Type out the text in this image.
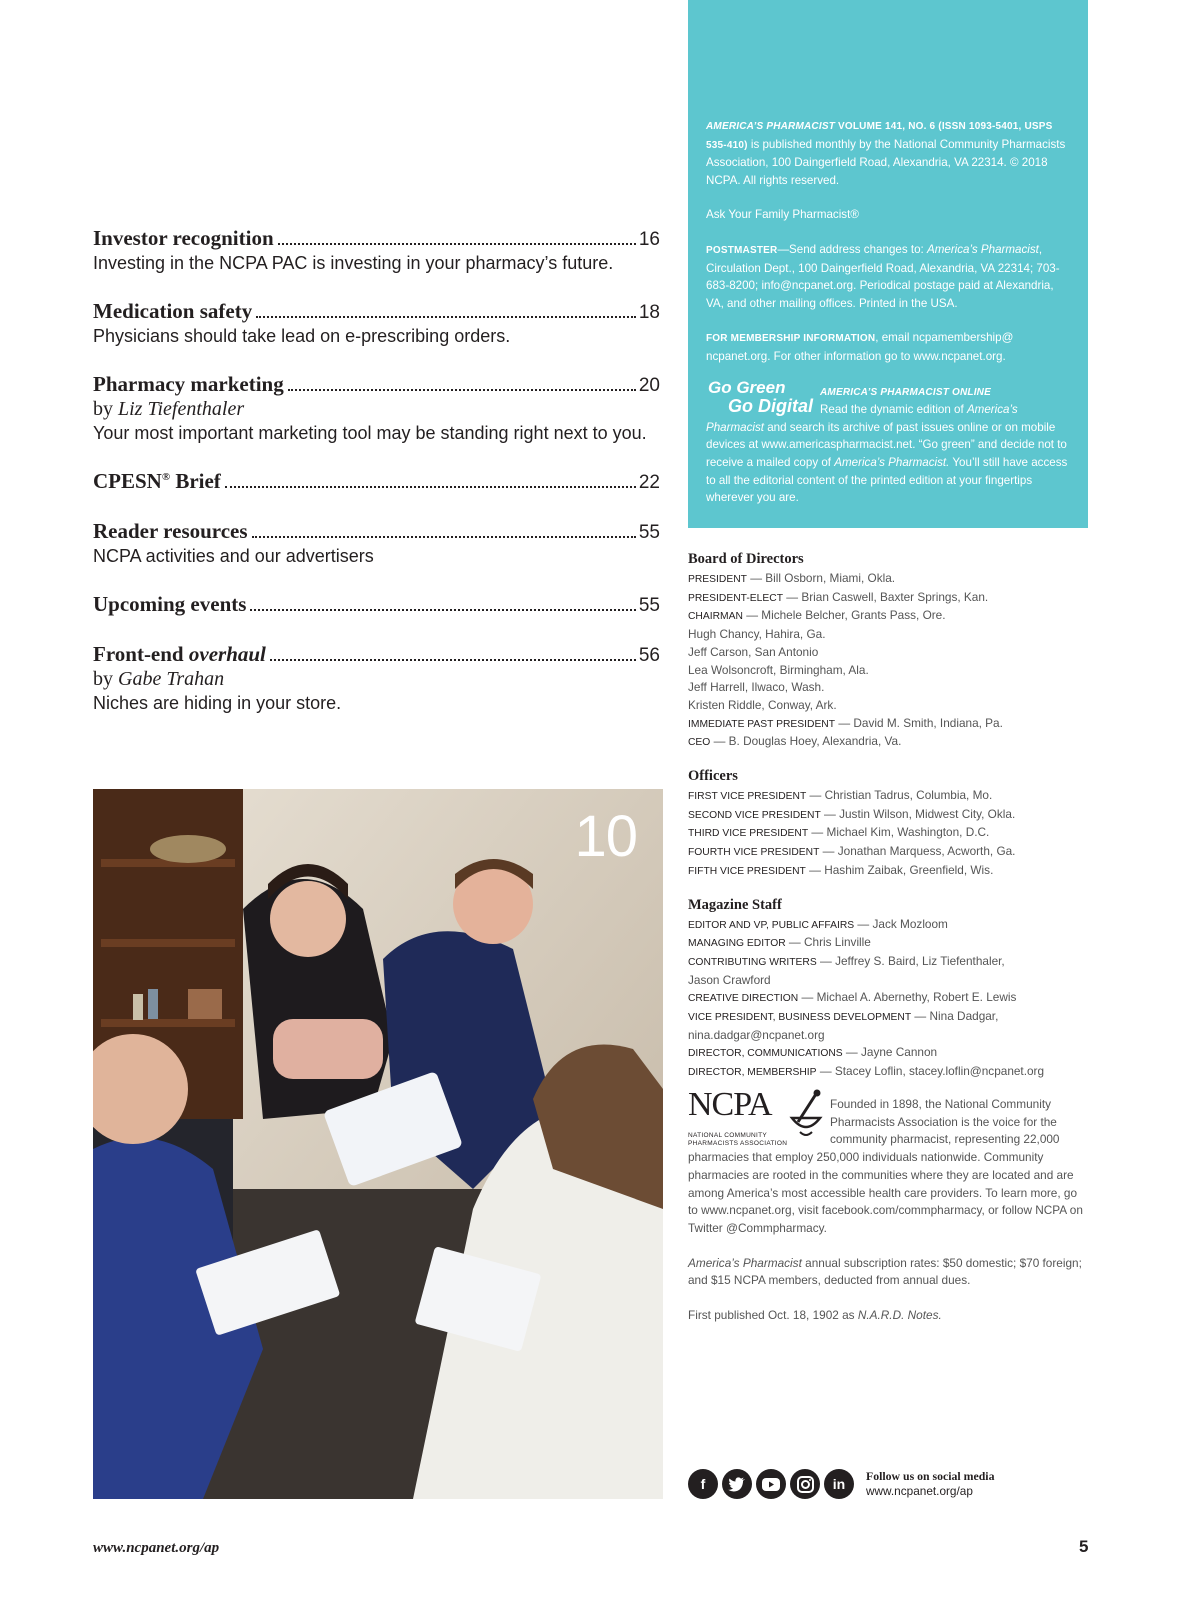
Investor recognition	16
Investing in the NCPA PAC is investing in your pharmacy’s future.
Medication safety	18
Physicians should take lead on e-prescribing orders.
Pharmacy marketing	20
by Liz Tiefenthaler
Your most important marketing tool may be standing right next to you.
CPESN® Brief	22
Reader resources	55
NCPA activities and our advertisers
Upcoming events	55
Front-end overhaul	56
by Gabe Trahan
Niches are hiding in your store.
10

AMERICA’S PHARMACIST VOLUME 141, NO. 6 (ISSN 1093-5401, USPS 535-410) is published monthly by the National Community Pharmacists Association, 100 Daingerfield Road, Alexandria, VA 22314. © 2018 NCPA. All rights reserved.

Ask Your Family Pharmacist®

POSTMASTER—Send address changes to: America’s Pharmacist, Circulation Dept., 100 Daingerfield Road, Alexandria, VA 22314; 703-683-8200; info@ncpanet.org. Periodical postage paid at Alexandria, VA, and other mailing offices. Printed in the USA.

FOR MEMBERSHIP INFORMATION, email ncpamembership@ ncpanet.org. For other information go to www.ncpanet.org.

Go Green
Go Digital
AMERICA’S PHARMACIST ONLINE
Read the dynamic edition of America’s Pharmacist and search its archive of past issues online or on mobile devices at www.americaspharmacist.net. “Go green” and decide not to receive a mailed copy of America’s Pharmacist. You’ll still have access to all the editorial content of the printed edition at your fingertips wherever you are.
Board of Directors
PRESIDENT — Bill Osborn, Miami, Okla.
PRESIDENT-ELECT — Brian Caswell, Baxter Springs, Kan.
CHAIRMAN — Michele Belcher, Grants Pass, Ore.
Hugh Chancy, Hahira, Ga.
Jeff Carson, San Antonio
Lea Wolsoncroft, Birmingham, Ala.
Jeff Harrell, Ilwaco, Wash.
Kristen Riddle, Conway, Ark.
IMMEDIATE PAST PRESIDENT — David M. Smith, Indiana, Pa.
CEO — B. Douglas Hoey, Alexandria, Va.
Officers
FIRST VICE PRESIDENT — Christian Tadrus, Columbia, Mo.
SECOND VICE PRESIDENT — Justin Wilson, Midwest City, Okla.
THIRD VICE PRESIDENT — Michael Kim, Washington, D.C.
FOURTH VICE PRESIDENT — Jonathan Marquess, Acworth, Ga.
FIFTH VICE PRESIDENT — Hashim Zaibak, Greenfield, Wis.
Magazine Staff
EDITOR AND VP, PUBLIC AFFAIRS — Jack Mozloom
MANAGING EDITOR — Chris Linville
CONTRIBUTING WRITERS — Jeffrey S. Baird, Liz Tiefenthaler,
Jason Crawford
CREATIVE DIRECTION — Michael A. Abernethy, Robert E. Lewis
VICE PRESIDENT, BUSINESS DEVELOPMENT — Nina Dadgar,
nina.dadgar@ncpanet.org
DIRECTOR, COMMUNICATIONS — Jayne Cannon
DIRECTOR, MEMBERSHIP — Stacey Loflin, stacey.loflin@ncpanet.org
NCPA
NATIONAL COMMUNITY
PHARMACISTS ASSOCIATION

Founded in 1898, the National Community Pharmacists Association is the voice for the community pharmacist, representing 22,000 pharmacies that employ 250,000 individuals nationwide. Community pharmacies are rooted in the communities where they are located and are among America’s most accessible health care providers. To learn more, go to www.ncpanet.org, visit facebook.com/commpharmacy, or follow NCPA on Twitter @Commpharmacy.

America’s Pharmacist annual subscription rates: $50 domestic; $70 foreign; and $15 NCPA members, deducted from annual dues.

First published Oct. 18, 1902 as N.A.R.D. Notes.

f	in	Follow us on social media
www.ncpanet.org/ap
www.ncpanet.org/ap	5
